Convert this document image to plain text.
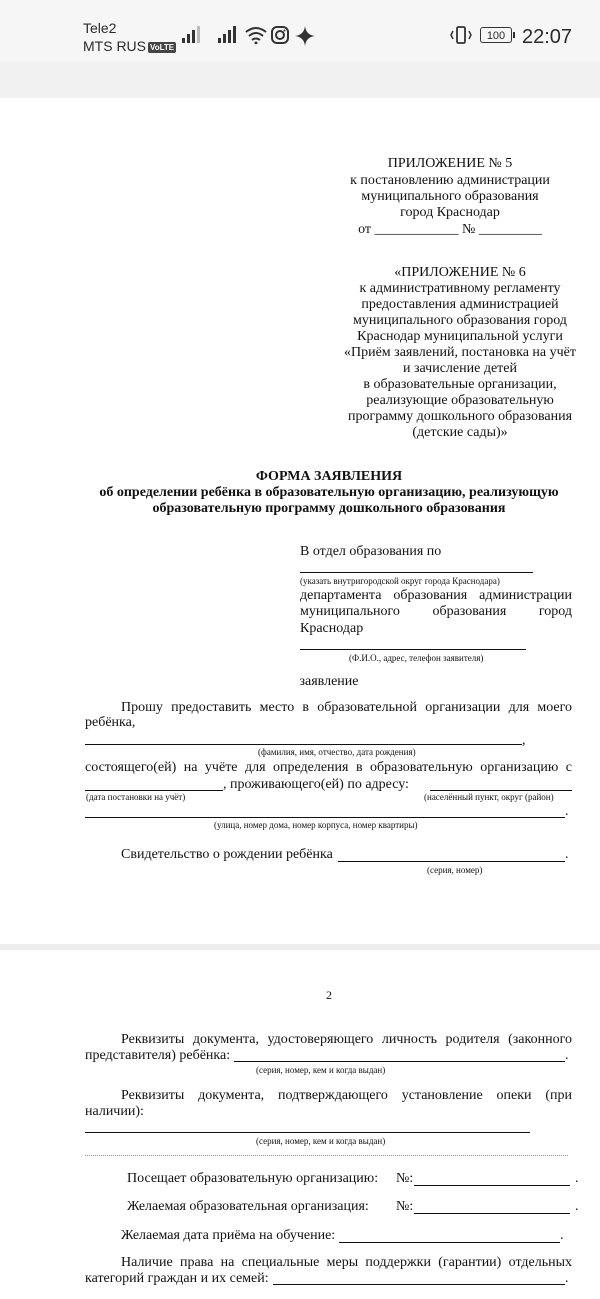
Tele2
MTS RUS VoLTE
100 22:07
ПРИЛОЖЕНИЕ № 5
к постановлению администрации
муниципального образования
город Краснодар
от ____________ № _________
«ПРИЛОЖЕНИЕ № 6
к административному регламенту
предоставления администрацией
муниципального образования город
Краснодар муниципальной услуги
«Приём заявлений, постановка на учёт
и зачисление детей
в образовательные организации,
реализующие образовательную
программу дошкольного образования
(детские сады)»
ФОРМА ЗАЯВЛЕНИЯ
об определении ребёнка в образовательную организацию, реализующую
образовательную программу дошкольного образования
В отдел образования по
(указать внутригородской округ города Краснодара)
департамента образования администрации
муниципального образования город
Краснодар
(Ф.И.О., адрес, телефон заявителя)
заявление
Прошу предоставить место в образовательной организации для моего
ребёнка,
,
(фамилия, имя, отчество, дата рождения)
состоящего(ей) на учёте для определения в образовательную организацию с
, проживающего(ей) по адресу:
(дата постановки на учёт)	(населённый пункт, округ (район)
.
(улица, номер дома, номер корпуса, номер квартиры)
Свидетельство о рождении ребёнка	.
(серия, номер)
2
Реквизиты документа, удостоверяющего личность родителя (законного
представителя) ребёнка:	.
(серия, номер, кем и когда выдан)
Реквизиты документа, подтверждающего установление опеки (при
наличии):
(серия, номер, кем и когда выдан)
Посещает образовательную организацию: №:	.
Желаемая образовательная организация: №:	.
Желаемая дата приёма на обучение:	.
Наличие права на специальные меры поддержки (гарантии) отдельных
категорий граждан и их семей:	.
